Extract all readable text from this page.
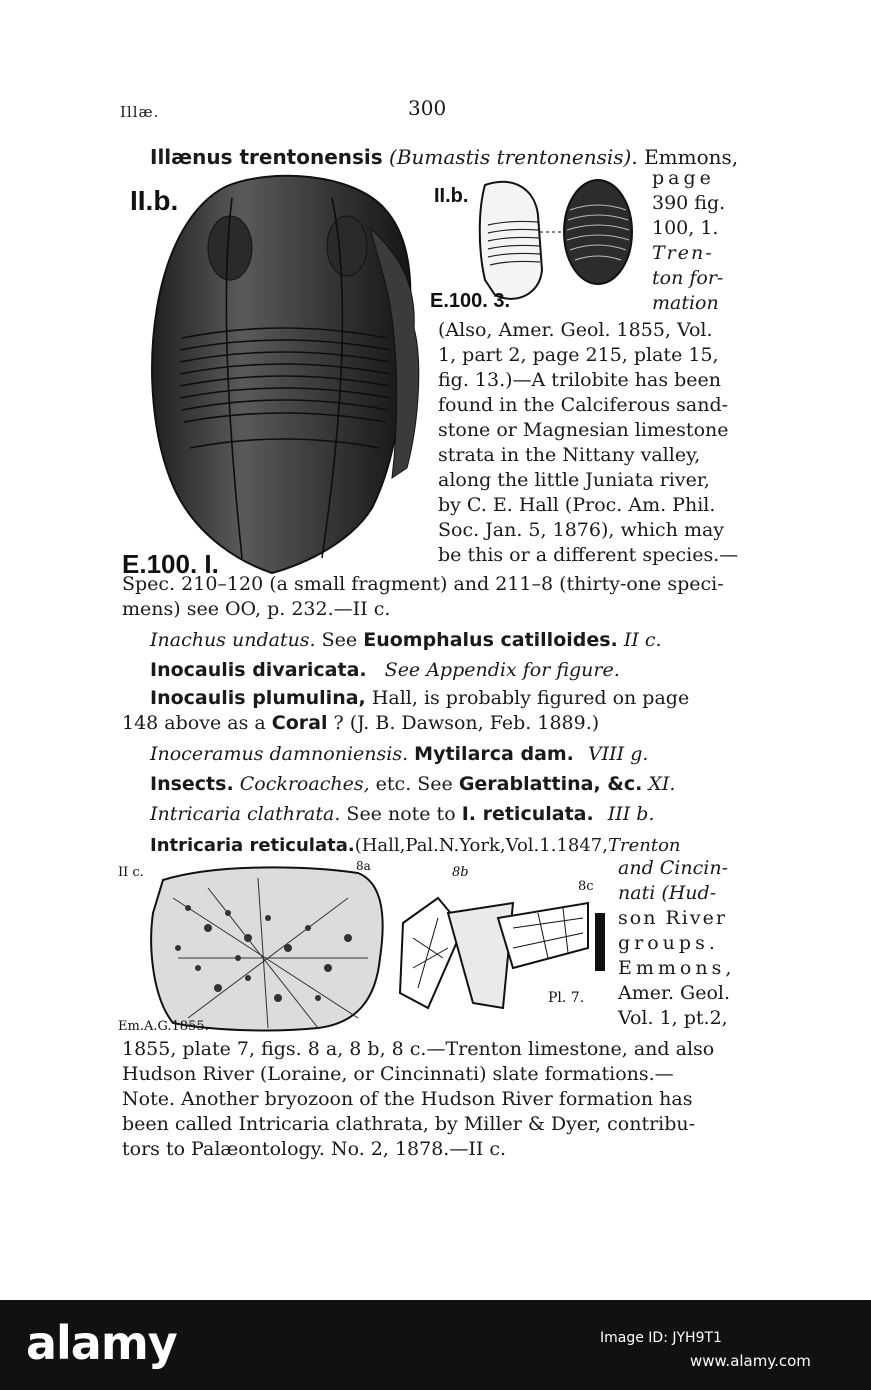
Illæ.	300
Illænus trentonensis (Bumastis trentonensis). Emmons,
II.b.
E.100. I.
II.b.
E.100. 3.
page
390 fig.
100, 1.
Tren-
ton for-
mation
(Also, Amer. Geol. 1855, Vol.
1, part 2, page 215, plate 15,
fig. 13.)—A trilobite has been
found in the Calciferous sand-
stone or Magnesian limestone
strata in the Nittany valley,
along the little Juniata river,
by C. E. Hall (Proc. Am. Phil.
Soc. Jan. 5, 1876), which may
be this or a different species.—
Spec. 210–120 (a small fragment) and 211–8 (thirty-one speci-
mens) see OO, p. 232.—II c.
Inachus undatus. See Euomphalus catilloides. II c.
Inocaulis divaricata. See Appendix for figure.
Inocaulis plumulina, Hall, is probably figured on page
148 above as a Coral ? (J. B. Dawson, Feb. 1889.)
Inoceramus damnoniensis. Mytilarca dam. VIII g.
Insects. Cockroaches, etc. See Gerablattina, &c. XI.
Intricaria clathrata. See note to I. reticulata. III b.
Intricaria reticulata.(Hall,Pal.N.York,Vol.1.1847,Trenton
II c.	8a	8b
8c
Pl. 7.
Em.A.G.1855.
and Cincin-
nati (Hud-
son River
groups.
Emmons,
Amer. Geol.
Vol. 1, pt.2,
1855, plate 7, figs. 8 a, 8 b, 8 c.—Trenton limestone, and also
Hudson River (Loraine, or Cincinnati) slate formations.—
Note. Another bryozoon of the Hudson River formation has
been called Intricaria clathrata, by Miller & Dyer, contribu-
tors to Palæontology. No. 2, 1878.—II c.
alamy	Image ID: JYH9T1
www.alamy.com
